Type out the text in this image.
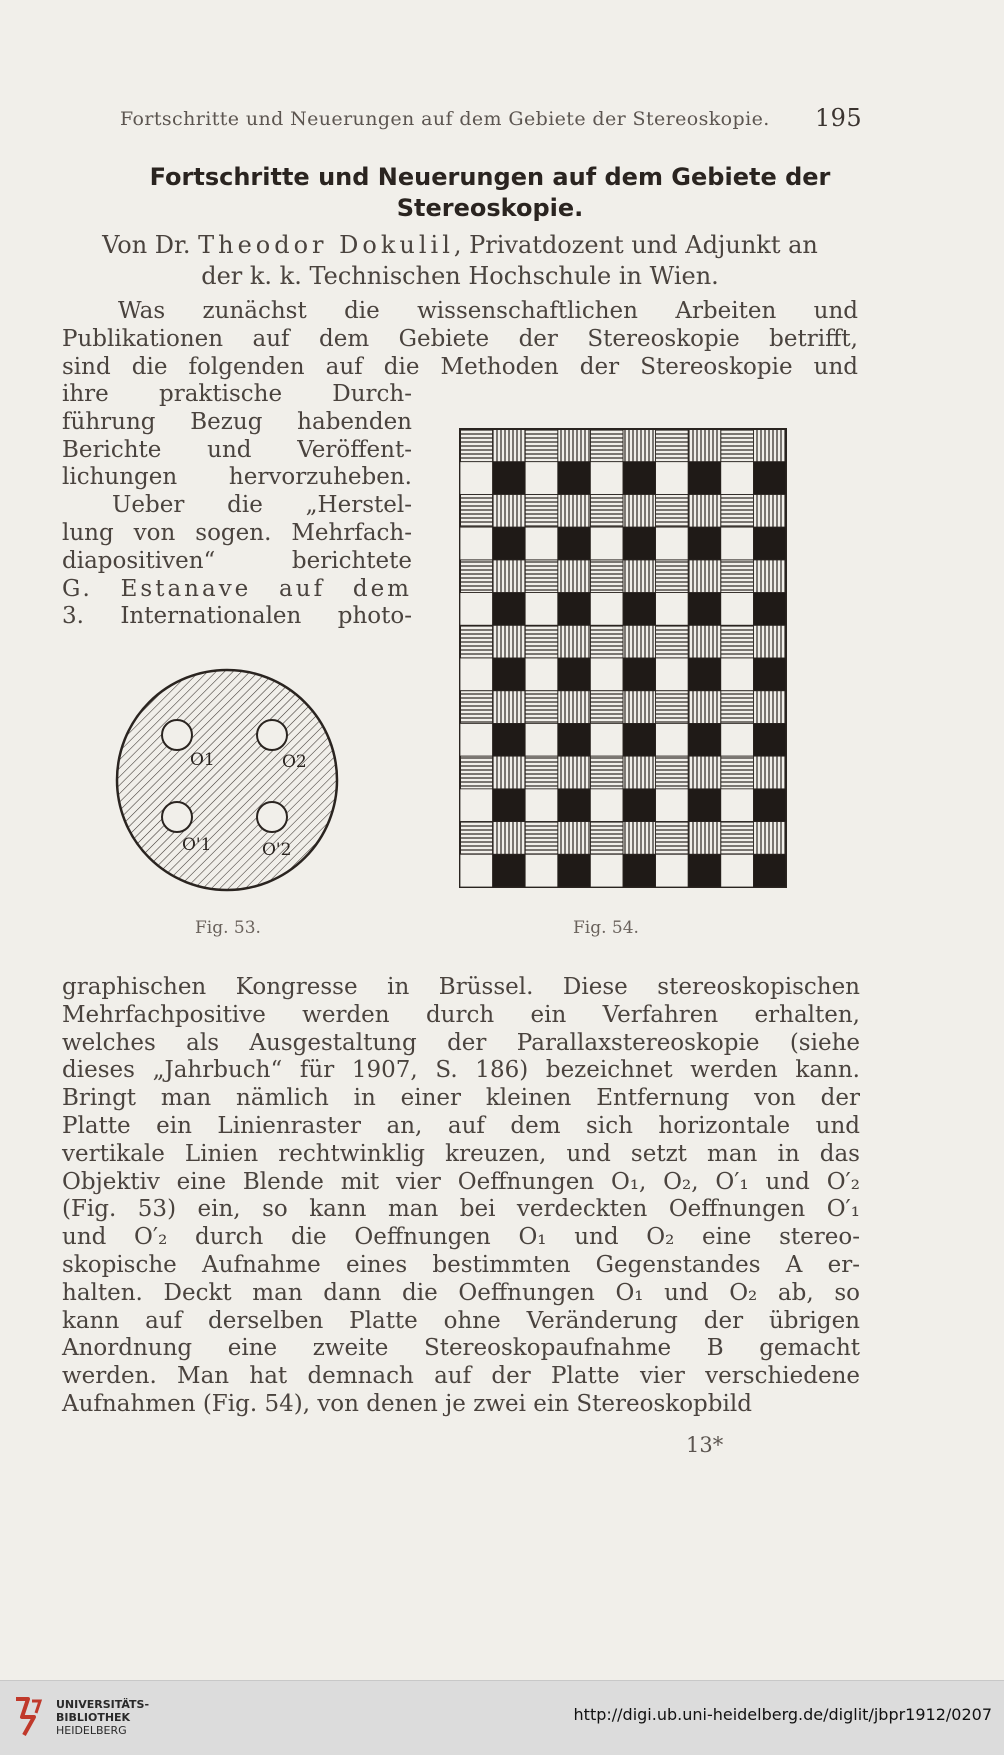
Fortschritte und Neuerungen auf dem Gebiete der Stereoskopie. 195
Fortschritte und Neuerungen auf dem Gebiete der
Stereoskopie.
Von Dr. Theodor Dokulil, Privatdozent und Adjunkt an
der k. k. Technischen Hochschule in Wien.
Was zunächst die wissenschaftlichen Arbeiten und
Publikationen auf dem Gebiete der Stereoskopie betrifft,
sind die folgenden auf die Methoden der Stereoskopie und
ihre praktische Durch-
führung Bezug habenden
Berichte und Veröffent-
lichungen hervorzuheben.
Ueber die „Herstel-
lung von sogen. Mehrfach-
diapositiven“ berichtete
G. Estanave auf dem
3. Internationalen photo-
O1	O2
O'1	O'2
Fig. 53.	Fig. 54.
graphischen Kongresse in Brüssel. Diese stereoskopischen
Mehrfachpositive werden durch ein Verfahren erhalten,
welches als Ausgestaltung der Parallaxstereoskopie (siehe
dieses „Jahrbuch“ für 1907, S. 186) bezeichnet werden kann.
Bringt man nämlich in einer kleinen Entfernung von der
Platte ein Linienraster an, auf dem sich horizontale und
vertikale Linien rechtwinklig kreuzen, und setzt man in das
Objektiv eine Blende mit vier Oeffnungen O₁, O₂, O′₁ und O′₂
(Fig. 53) ein, so kann man bei verdeckten Oeffnungen O′₁
und O′₂ durch die Oeffnungen O₁ und O₂ eine stereo-
skopische Aufnahme eines bestimmten Gegenstandes A er-
halten. Deckt man dann die Oeffnungen O₁ und O₂ ab, so
kann auf derselben Platte ohne Veränderung der übrigen
Anordnung eine zweite Stereoskopaufnahme B gemacht
werden. Man hat demnach auf der Platte vier verschiedene
Aufnahmen (Fig. 54), von denen je zwei ein Stereoskopbild
13*
UNIVERSITÄTS-
BIBLIOTHEK
HEIDELBERG
http://digi.ub.uni-heidelberg.de/diglit/jbpr1912/0207
